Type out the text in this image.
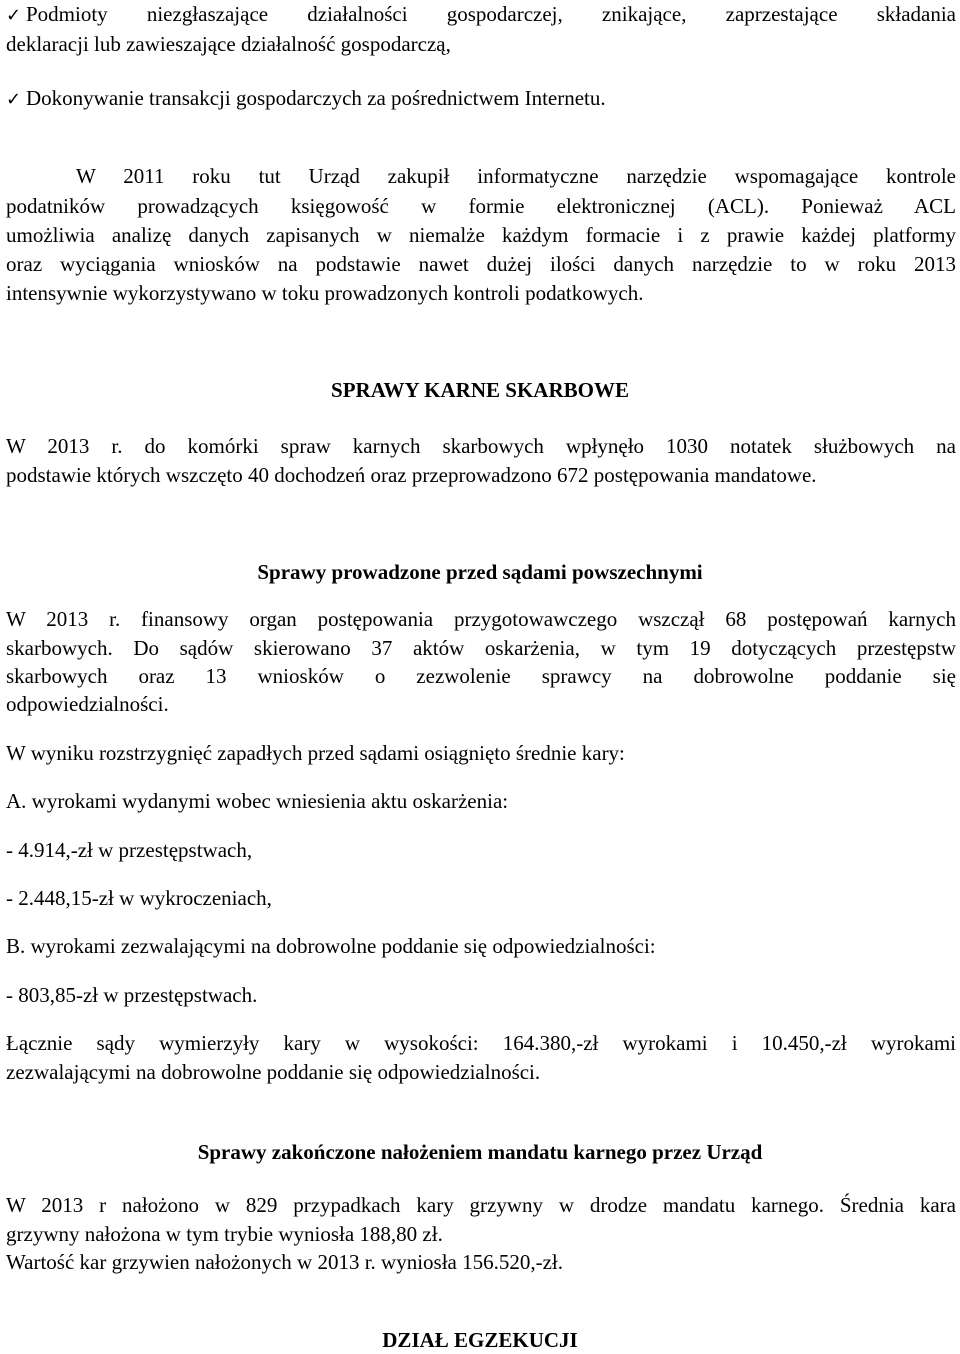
✓ Podmioty niezgłaszające działalności gospodarczej, znikające, zaprzestające składania
deklaracji lub zawieszające działalność gospodarczą,
✓ Dokonywanie transakcji gospodarczych za pośrednictwem Internetu.
W 2011 roku tut Urząd zakupił informatyczne narzędzie wspomagające kontrole
podatników prowadzących księgowość w formie elektronicznej (ACL). Ponieważ ACL
umożliwia analizę danych zapisanych w niemalże każdym formacie i z prawie każdej platformy
oraz wyciągania wniosków na podstawie nawet dużej ilości danych narzędzie to w roku 2013
intensywnie wykorzystywano w toku prowadzonych kontroli podatkowych.
SPRAWY KARNE SKARBOWE
W 2013 r. do komórki spraw karnych skarbowych wpłynęło 1030 notatek służbowych na
podstawie których wszczęto 40 dochodzeń oraz przeprowadzono 672 postępowania mandatowe.
Sprawy prowadzone przed sądami powszechnymi
W 2013 r. finansowy organ postępowania przygotowawczego wszczął 68 postępowań karnych
skarbowych. Do sądów skierowano 37 aktów oskarżenia, w tym 19 dotyczących przestępstw
skarbowych oraz 13 wniosków o zezwolenie sprawcy na dobrowolne poddanie się
odpowiedzialności.
W wyniku rozstrzygnięć zapadłych przed sądami osiągnięto średnie kary:
A. wyrokami wydanymi wobec wniesienia aktu oskarżenia:
- 4.914,-zł w przestępstwach,
- 2.448,15-zł w wykroczeniach,
B. wyrokami zezwalającymi na dobrowolne poddanie się odpowiedzialności:
- 803,85-zł w przestępstwach.
Łącznie sądy wymierzyły kary w wysokości: 164.380,-zł wyrokami i 10.450,-zł wyrokami
zezwalającymi na dobrowolne poddanie się odpowiedzialności.
Sprawy zakończone nałożeniem mandatu karnego przez Urząd
W 2013 r nałożono w 829 przypadkach kary grzywny w drodze mandatu karnego. Średnia kara
grzywny nałożona w tym trybie wyniosła 188,80 zł.
Wartość kar grzywien nałożonych w 2013 r. wyniosła 156.520,-zł.
DZIAŁ EGZEKUCJI
